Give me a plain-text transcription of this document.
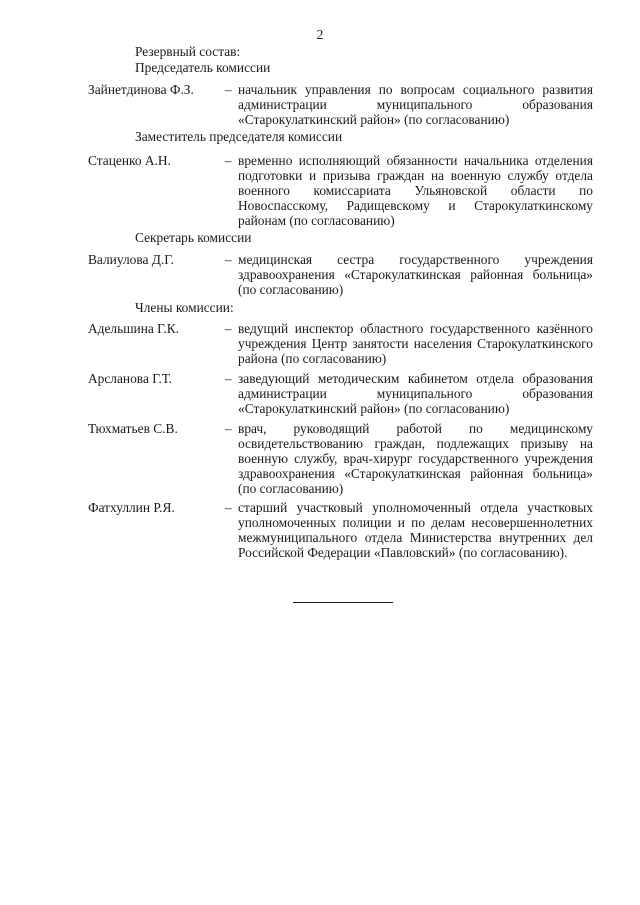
2
Резервный состав:
Председатель комиссии
Зайнетдинова Ф.З. – начальник управления по вопросам социального развития администрации муниципального образования «Старокулаткинский район» (по согласованию)
Заместитель председателя комиссии
Стаценко А.Н.	– временно исполняющий обязанности начальника отделения подготовки и призыва граждан на военную службу отдела военного комиссариата Ульяновской области по Новоспасскому, Радищевскому и Старокулаткинскому районам (по согласованию)
Секретарь комиссии
Валиулова Д.Г.	– медицинская сестра государственного учреждения здравоохранения «Старокулаткинская районная больница» (по согласованию)
Члены комиссии:
Адельшина Г.К.	– ведущий инспектор областного государственного казённого учреждения Центр занятости населения Старокулаткинского района (по согласованию)
Арсланова Г.Т.	– заведующий методическим кабинетом отдела образования администрации муниципального образования «Старокулаткинский район» (по согласованию)
Тюхматьев С.В.	– врач, руководящий работой по медицинскому освидетельствованию граждан, подлежащих призыву на военную службу, врач-хирург государственного учреждения здравоохранения «Старокулаткинская районная больница» (по согласованию)
Фатхуллин Р.Я.	– старший участковый уполномоченный отдела участковых уполномоченных полиции и по делам несовершеннолетних межмуниципального отдела Министерства внутренних дел Российской Федерации «Павловский» (по согласованию).
